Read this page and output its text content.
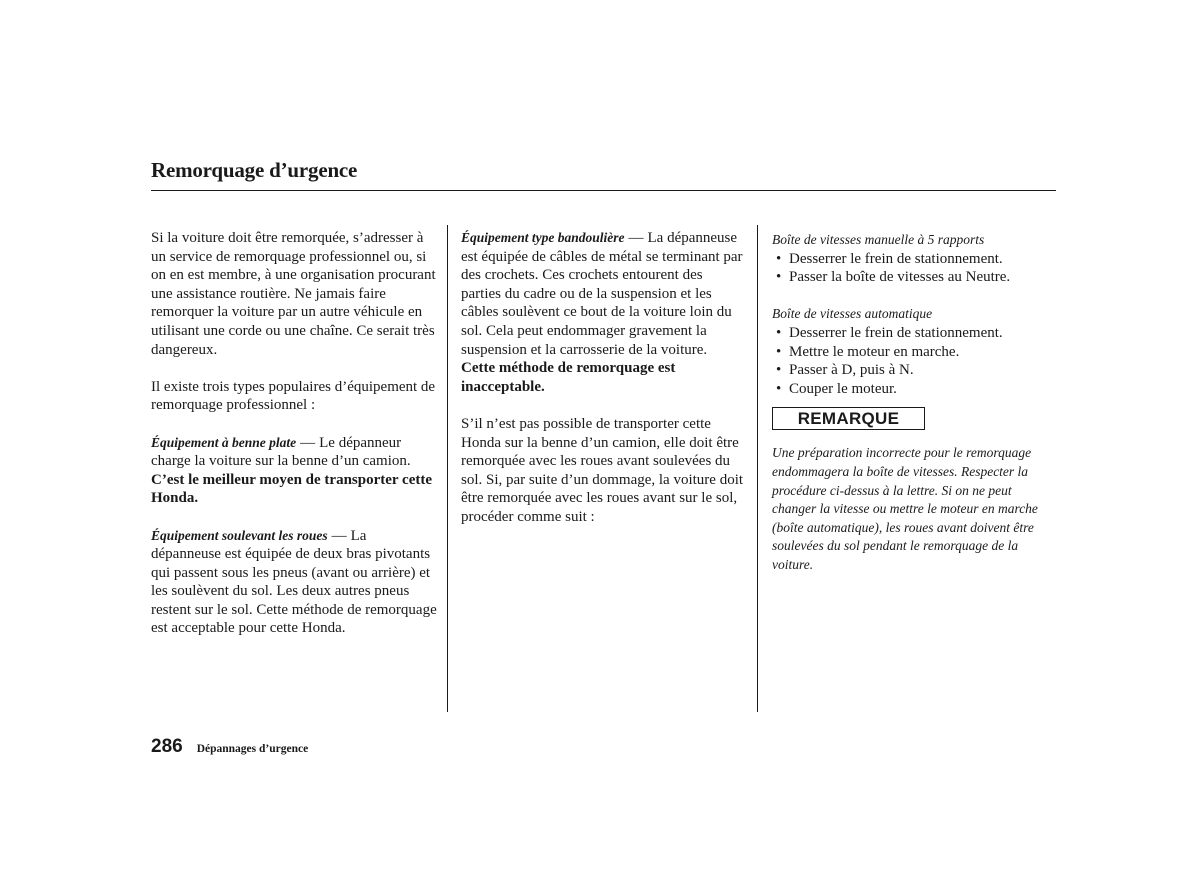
Remorquage d’urgence

Si la voiture doit être remorquée, s’adresser à un service de remorquage professionnel ou, si on en est membre, à une organisation procurant une assistance routière. Ne jamais faire remorquer la voiture par un autre véhicule en utilisant une corde ou une chaîne. Ce serait très dangereux.

Il existe trois types populaires d’équipement de remorquage professionnel :

Équipement à benne plate — Le dépanneur charge la voiture sur la benne d’un camion. C’est le meilleur moyen de transporter cette Honda.

Équipement soulevant les roues — La dépanneuse est équipée de deux bras pivotants qui passent sous les pneus (avant ou arrière) et les soulèvent du sol. Les deux autres pneus restent sur le sol. Cette méthode de remorquage est acceptable pour cette Honda.

Équipement type bandoulière — La dépanneuse est équipée de câbles de métal se terminant par des crochets. Ces crochets entourent des parties du cadre ou de la suspension et les câbles soulèvent ce bout de la voiture loin du sol. Cela peut endommager gravement la suspension et la carrosserie de la voiture. Cette méthode de remorquage est inacceptable.

S’il n’est pas possible de transporter cette Honda sur la benne d’un camion, elle doit être remorquée avec les roues avant soulevées du sol. Si, par suite d’un dommage, la voiture doit être remorquée avec les roues avant sur le sol, procéder comme suit :

Boîte de vitesses manuelle à 5 rapports
• Desserrer le frein de stationnement.
• Passer la boîte de vitesses au Neutre.
Boîte de vitesses automatique
• Desserrer le frein de stationnement.
• Mettre le moteur en marche.
• Passer à D, puis à N.
• Couper le moteur.
REMARQUE

Une préparation incorrecte pour le remorquage endommagera la boîte de vitesses. Respecter la procédure ci-dessus à la lettre. Si on ne peut changer la vitesse ou mettre le moteur en marche (boîte automatique), les roues avant doivent être soulevées du sol pendant le remorquage de la voiture.

286 Dépannages d’urgence
